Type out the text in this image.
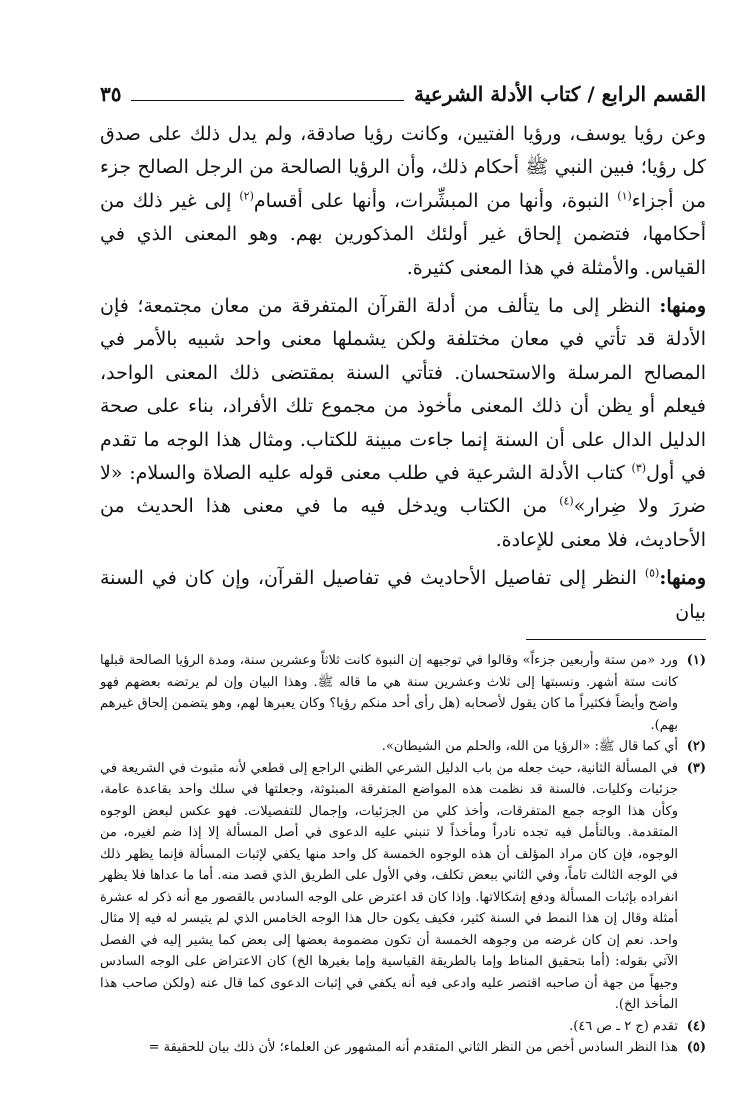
القسم الرابع / كتاب الأدلة الشرعية
٣٥

وعن رؤيا يوسف، ورؤيا الفتيين، وكانت رؤيا صادقة، ولم يدل ذلك على صدق كل رؤيا؛ فبين النبي ﷺ أحكام ذلك، وأن الرؤيا الصالحة من الرجل الصالح جزء من أجزاء$^{(١)}$ النبوة، وأنها من المبشِّرات، وأنها على أقسام$^{(٢)}$ إلى غير ذلك من أحكامها، فتضمن إلحاق غير أولئك المذكورين بهم. وهو المعنى الذي في القياس. والأمثلة في هذا المعنى كثيرة.

ومنها: النظر إلى ما يتألف من أدلة القرآن المتفرقة من معان مجتمعة؛ فإن الأدلة قد تأتي في معان مختلفة ولكن يشملها معنى واحد شبيه بالأمر في المصالح المرسلة والاستحسان. فتأتي السنة بمقتضى ذلك المعنى الواحد، فيعلم أو يظن أن ذلك المعنى مأخوذ من مجموع تلك الأفراد، بناء على صحة الدليل الدال على أن السنة إنما جاءت مبينة للكتاب. ومثال هذا الوجه ما تقدم في أول$^{(٣)}$ كتاب الأدلة الشرعية في طلب معنى قوله عليه الصلاة والسلام: «لا ضررَ ولا ضِرار»$^{(٤)}$ من الكتاب ويدخل فيه ما في معنى هذا الحديث من الأحاديث، فلا معنى للإعادة.

ومنها:$^{(٥)}$ النظر إلى تفاصيل الأحاديث في تفاصيل القرآن، وإن كان في السنة بيان

(١)
ورد «من ستة وأربعين جزءاً» وقالوا في توجيهه إن النبوة كانت ثلاثاً وعشرين سنة، ومدة الرؤيا الصالحة قبلها كانت ستة أشهر. ونسبتها إلى ثلاث وعشرين سنة هي ما قاله ﷺ. وهذا البيان وإن لم يرتضه بعضهم فهو واضح وأيضاً فكثيراً ما كان يقول لأصحابه (هل رأى أحد منكم رؤيا؟ وكان يعبرها لهم، وهو يتضمن إلحاق غيرهم بهم).

(٢)
أي كما قال ﷺ: «الرؤيا من الله، والحلم من الشيطان».

(٣)
في المسألة الثانية، حيث جعله من باب الدليل الشرعي الظني الراجع إلى قطعي لأنه مثبوث في الشريعة في جزئيات وكليات. فالسنة قد نظمت هذه المواضع المتفرقة المبثوثة، وجعلتها في سلك واحد بقاعدة عامة، وكأن هذا الوجه جمع المتفرقات، وأخذ كلي من الجزئيات، وإجمال للتفصيلات. فهو عكس لبعض الوجوه المتقدمة. وبالتأمل فيه تجده نادراً ومأخذاً لا تنبني عليه الدعوى في أصل المسألة إلا إذا ضم لغيره، من الوجوه، فإن كان مراد المؤلف أن هذه الوجوه الخمسة كل واحد منها يكفي لإثبات المسألة فإنما يظهر ذلك في الوجه الثالث تاماً، وفي الثاني ببعض تكلف، وفي الأول على الطريق الذي قصد منه. أما ما عداها فلا يظهر انفراده بإثبات المسألة ودفع إشكالاتها. وإذا كان قد اعترض على الوجه السادس بالقصور مع أنه ذكر له عشرة أمثلة وقال إن هذا النمط في السنة كثير، فكيف يكون حال هذا الوجه الخامس الذي لم يتيسر له فيه إلا مثال واحد. نعم إن كان غرضه من وجوهه الخمسة أن تكون مضمومة بعضها إلى بعض كما يشير إليه في الفصل الآتي بقوله: (أما بتحقيق المناط وإما بالطريقة القياسية وإما بغيرها الخ) كان الاعتراض على الوجه السادس وجيهاً من جهة أن صاحبه اقتصر عليه وادعى فيه أنه يكفي في إثبات الدعوى كما قال عنه (ولكن صاحب هذا المأخذ الخ).

(٤)
تقدم (ج ٢ ـ ص ٤٦).

(٥)
هذا النظر السادس أخص من النظر الثاني المتقدم أنه المشهور عن العلماء؛ لأن ذلك بيان للحقيقة =
